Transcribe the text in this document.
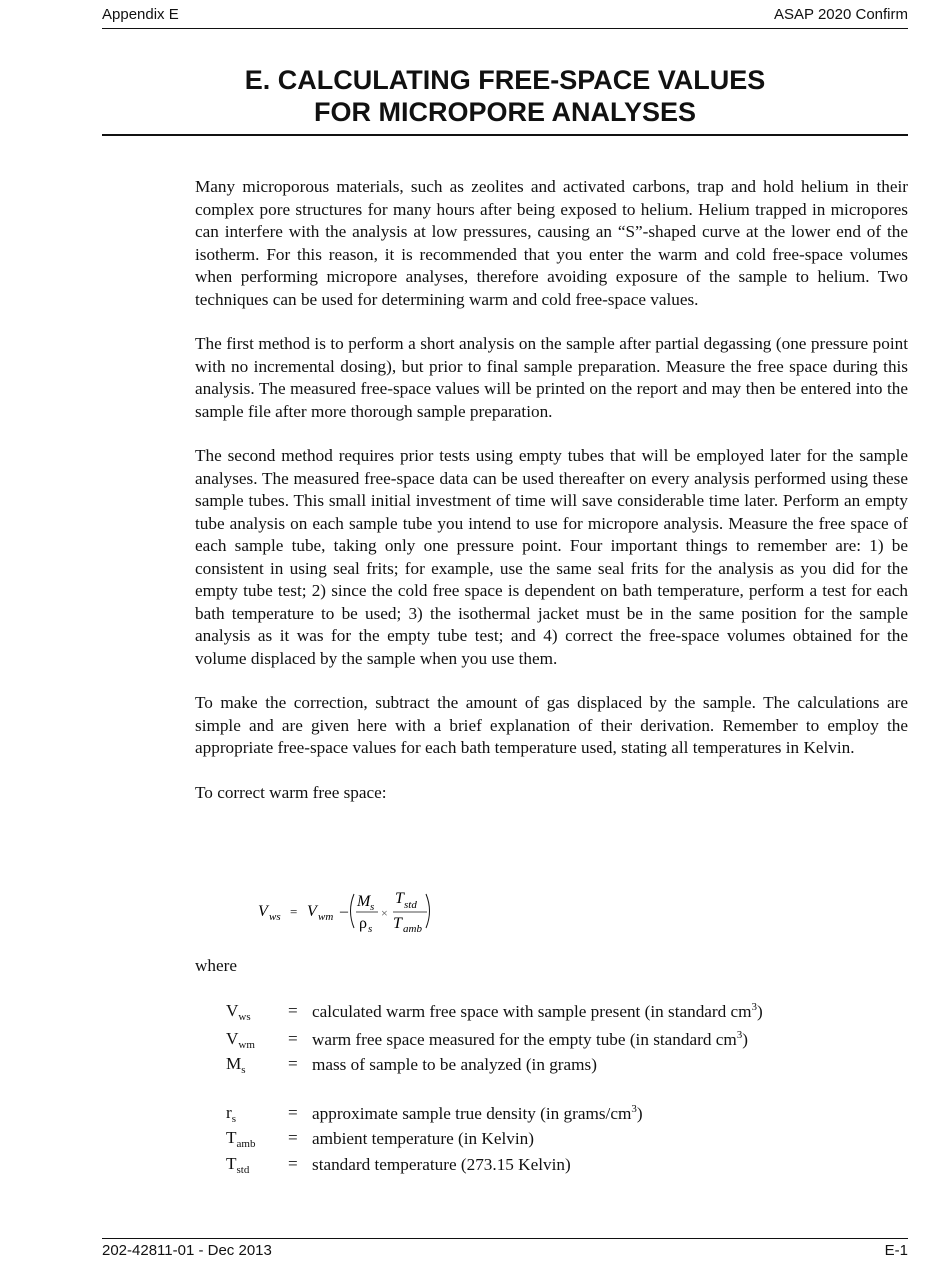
Appendix E	ASAP 2020 Confirm
E. CALCULATING FREE-SPACE VALUES
FOR MICROPORE ANALYSES

Many microporous materials, such as zeolites and activated carbons, trap and hold helium in their complex pore structures for many hours after being exposed to helium. Helium trapped in micropores can interfere with the analysis at low pressures, causing an “S”-shaped curve at the lower end of the isotherm. For this reason, it is recommended that you enter the warm and cold free-space volumes when performing micropore analyses, therefore avoiding exposure of the sample to helium. Two techniques can be used for determining warm and cold free-space values.

The first method is to perform a short analysis on the sample after partial degassing (one pressure point with no incremental dosing), but prior to final sample preparation. Measure the free space during this analysis. The measured free-space values will be printed on the report and may then be entered into the sample file after more thorough sample preparation.

The second method requires prior tests using empty tubes that will be employed later for the sample analyses. The measured free-space data can be used thereafter on every analysis performed using these sample tubes. This small initial investment of time will save considerable time later. Perform an empty tube analysis on each sample tube you intend to use for micropore analysis. Measure the free space of each sample tube, taking only one pressure point. Four important things to remember are: 1) be consistent in using seal frits; for example, use the same seal frits for the analysis as you did for the empty tube test; 2) since the cold free space is dependent on bath temperature, perform a test for each bath temperature to be used; 3) the isothermal jacket must be in the same position for the sample analysis as it was for the empty tube test; and 4) correct the free-space volumes obtained for the volume displaced by the sample when you use them.

To make the correction, subtract the amount of gas displaced by the sample. The calculations are simple and are given here with a brief explanation of their derivation. Remember to employ the appropriate free-space values for each bath temperature used, stating all temperatures in Kelvin.

To correct warm free space:

V ws = V wm –
M s
ρ s
×
T std
T amb
where
$V_{ws}$	= calculated warm free space with sample present (in standard $cm^3$)
$V_{wm}$	= warm free space measured for the empty tube (in standard $cm^3$)
$M_s$	= mass of sample to be analyzed (in grams)
$r_s$	= approximate sample true density (in grams/$cm^3$)
$T_{amb}$	= ambient temperature (in Kelvin)
$T_{std}$	= standard temperature (273.15 Kelvin)
202-42811-01 - Dec 2013	E-1
